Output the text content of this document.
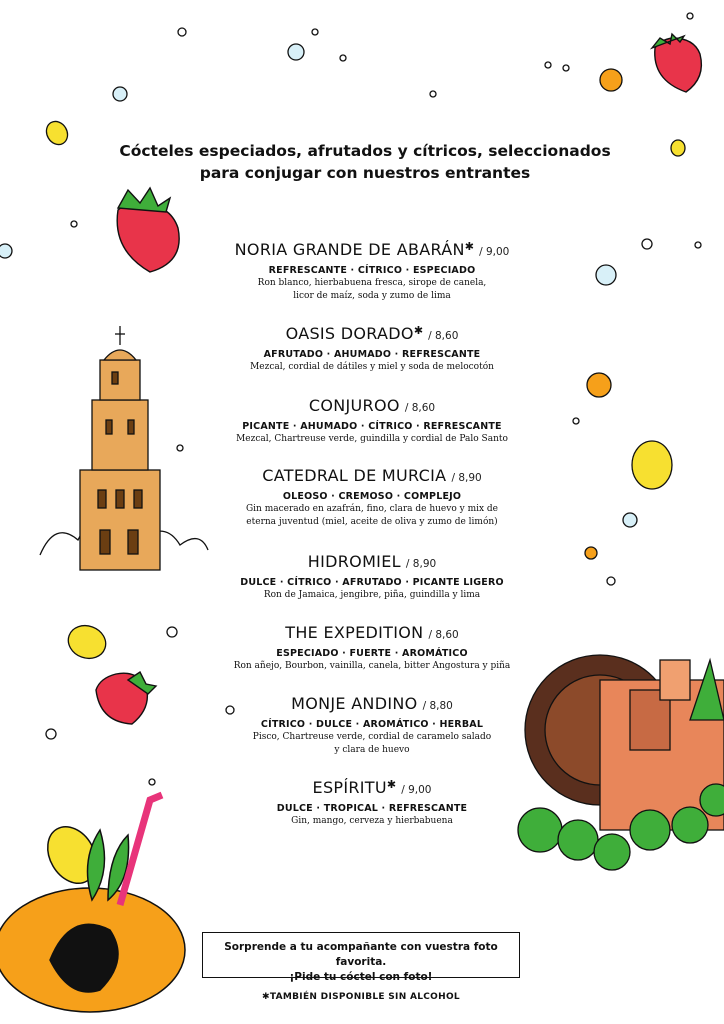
Cócteles especiados, afrutados y cítricos, seleccionados
para conjugar con nuestros entrantes
NORIA GRANDE DE ABARÁN✱ / 9,00
REFRESCANTE · CÍTRICO · ESPECIADO
Ron blanco, hierbabuena fresca, sirope de canela,
licor de maíz, soda y zumo de lima
OASIS DORADO✱ / 8,60
AFRUTADO · AHUMADO · REFRESCANTE
Mezcal, cordial de dátiles y miel y soda de melocotón
CONJUROO / 8,60
PICANTE · AHUMADO · CÍTRICO · REFRESCANTE
Mezcal, Chartreuse verde, guindilla y cordial de Palo Santo
CATEDRAL DE MURCIA / 8,90
OLEOSO · CREMOSO · COMPLEJO
Gin macerado en azafrán, fino, clara de huevo y mix de
eterna juventud (miel, aceite de oliva y zumo de limón)
HIDROMIEL / 8,90
DULCE · CÍTRICO · AFRUTADO · PICANTE LIGERO
Ron de Jamaica, jengibre, piña, guindilla y lima
THE EXPEDITION / 8,60
ESPECIADO · FUERTE · AROMÁTICO
Ron añejo, Bourbon, vainilla, canela, bitter Angostura y piña
MONJE ANDINO / 8,80
CÍTRICO · DULCE · AROMÁTICO · HERBAL
Pisco, Chartreuse verde, cordial de caramelo salado
y clara de huevo
ESPÍRITU✱ / 9,00
DULCE · TROPICAL · REFRESCANTE
Gin, mango, cerveza y hierbabuena
Sorprende a tu acompañante con vuestra foto favorita.
¡Pide tu cóctel con foto!
✱TAMBIÉN DISPONIBLE SIN ALCOHOL
